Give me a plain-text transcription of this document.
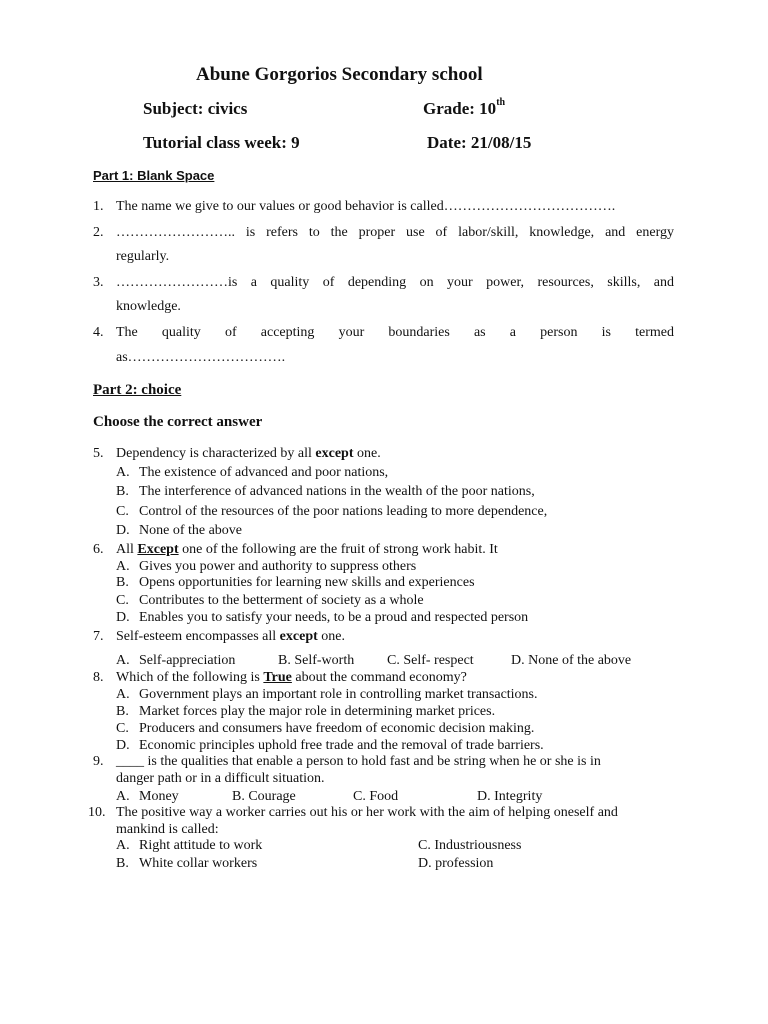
Abune Gorgorios Secondary school
Subject: civics	Grade: 10th
Tutorial class week: 9	Date: 21/08/15
Part 1: Blank Space
1. The name we give to our values or good behavior is called……………………………….
2. …………………….. is refers to the proper use of labor/skill, knowledge, and energy
regularly.
3. ……………………is a quality of depending on your power, resources, skills, and
knowledge.
4. The quality of accepting your boundaries as a person is termed
as…………………………….
Part 2: choice
Choose the correct answer
5. Dependency is characterized by all except one.
A. The existence of advanced and poor nations,
B. The interference of advanced nations in the wealth of the poor nations,
C. Control of the resources of the poor nations leading to more dependence,
D. None of the above
6. All Except one of the following are the fruit of strong work habit. It
A. Gives you power and authority to suppress others
B. Opens opportunities for learning new skills and experiences
C. Contributes to the betterment of society as a whole
D. Enables you to satisfy your needs, to be a proud and respected person
7. Self-esteem encompasses all except one.
A. Self-appreciation	B. Self-worth C. Self- respect	D. None of the above
8. Which of the following is True about the command economy?
A. Government plays an important role in controlling market transactions.
B. Market forces play the major role in determining market prices.
C. Producers and consumers have freedom of economic decision making.
D. Economic principles uphold free trade and the removal of trade barriers.
9. ____ is the qualities that enable a person to hold fast and be string when he or she is in
danger path or in a difficult situation.
A. Money	B. Courage	C. Food	D. Integrity
10. The positive way a worker carries out his or her work with the aim of helping oneself and
mankind is called:
A. Right attitude to work	C. Industriousness
B. White collar workers	D. profession
